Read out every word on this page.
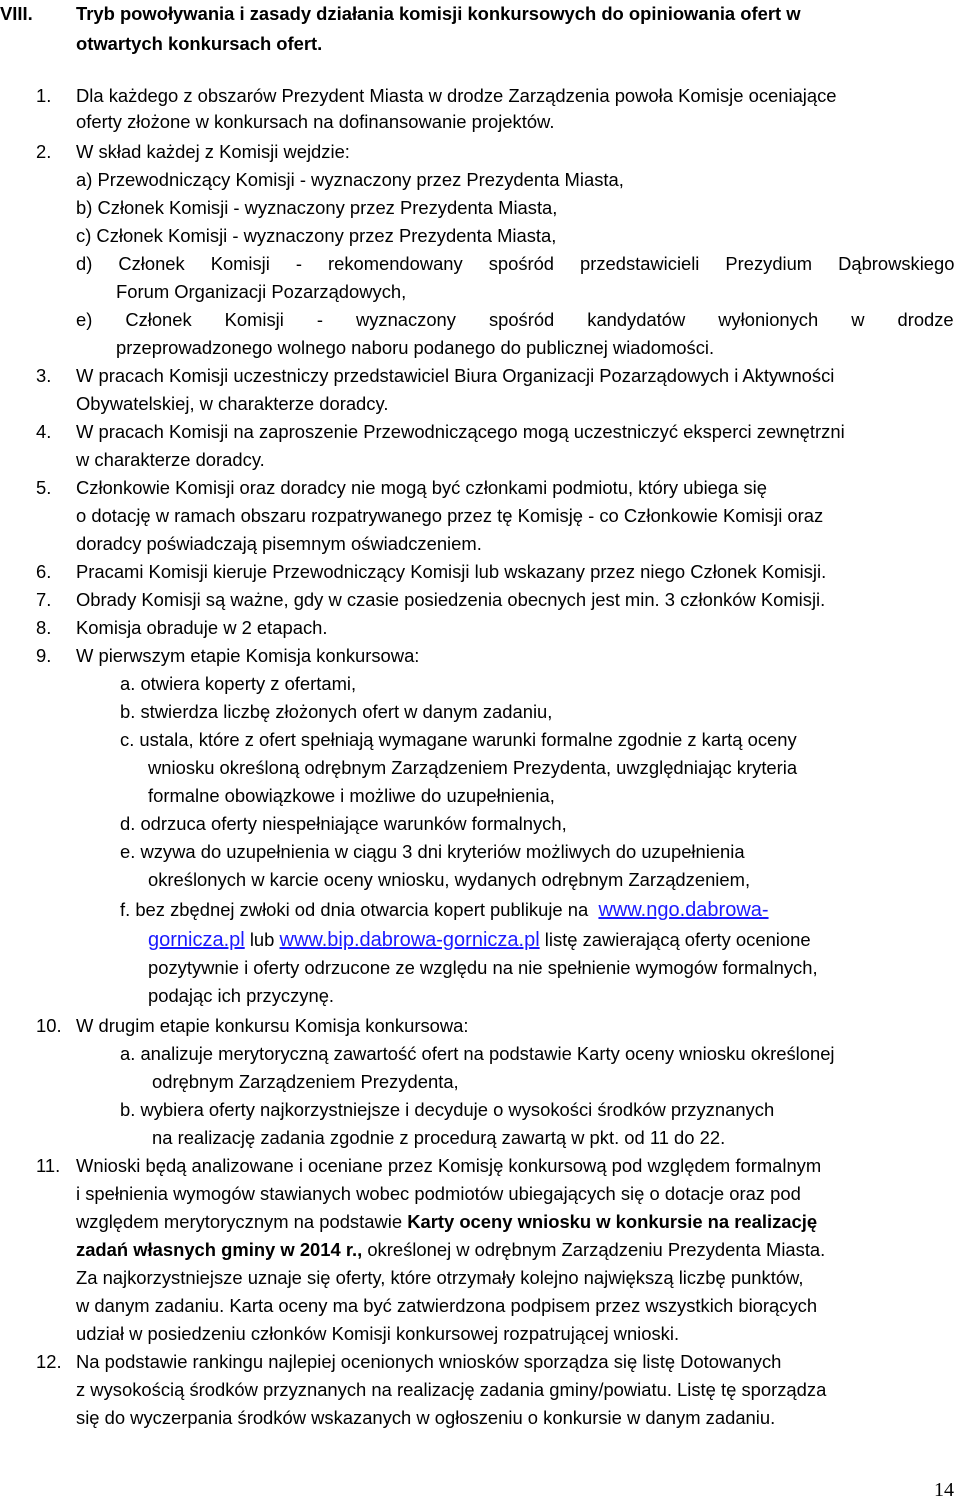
VIII. Tryb powoływania i zasady działania komisji konkursowych do opiniowania ofert w
otwartych konkursach ofert.
1. Dla każdego z obszarów Prezydent Miasta w drodze Zarządzenia powoła Komisje oceniające
oferty złożone w konkursach na dofinansowanie projektów.
2. W skład każdej z Komisji wejdzie:
a) Przewodniczący Komisji - wyznaczony przez Prezydenta Miasta,
b) Członek Komisji - wyznaczony przez Prezydenta Miasta,
c) Członek Komisji - wyznaczony przez Prezydenta Miasta,
d) Członek Komisji - rekomendowany spośród przedstawicieli Prezydium Dąbrowskiego
Forum Organizacji Pozarządowych,
e) Członek Komisji - wyznaczony spośród kandydatów wyłonionych w drodze
przeprowadzonego wolnego naboru podanego do publicznej wiadomości.
3. W pracach Komisji uczestniczy przedstawiciel Biura Organizacji Pozarządowych i Aktywności
Obywatelskiej, w charakterze doradcy.
4. W pracach Komisji na zaproszenie Przewodniczącego mogą uczestniczyć eksperci zewnętrzni
w charakterze doradcy.
5. Członkowie Komisji oraz doradcy nie mogą być członkami podmiotu, który ubiega się
o dotację w ramach obszaru rozpatrywanego przez tę Komisję - co Członkowie Komisji oraz
doradcy poświadczają pisemnym oświadczeniem.
6. Pracami Komisji kieruje Przewodniczący Komisji lub wskazany przez niego Członek Komisji.
7. Obrady Komisji są ważne, gdy w czasie posiedzenia obecnych jest min. 3 członków Komisji.
8. Komisja obraduje w 2 etapach.
9. W pierwszym etapie Komisja konkursowa:
a. otwiera koperty z ofertami,
b. stwierdza liczbę złożonych ofert w danym zadaniu,
c. ustala, które z ofert spełniają wymagane warunki formalne zgodnie z kartą oceny
wniosku określoną odrębnym Zarządzeniem Prezydenta, uwzględniając kryteria
formalne obowiązkowe i możliwe do uzupełnienia,
d. odrzuca oferty niespełniające warunków formalnych,
e. wzywa do uzupełnienia w ciągu 3 dni kryteriów możliwych do uzupełnienia
określonych w karcie oceny wniosku, wydanych odrębnym Zarządzeniem,
f. bez zbędnej zwłoki od dnia otwarcia kopert publikuje na www.ngo.dabrowa-
gornicza.pl lub www.bip.dabrowa-gornicza.pl listę zawierającą oferty ocenione
pozytywnie i oferty odrzucone ze względu na nie spełnienie wymogów formalnych,
podając ich przyczynę.
10. W drugim etapie konkursu Komisja konkursowa:
a. analizuje merytoryczną zawartość ofert na podstawie Karty oceny wniosku określonej
odrębnym Zarządzeniem Prezydenta,
b. wybiera oferty najkorzystniejsze i decyduje o wysokości środków przyznanych
na realizację zadania zgodnie z procedurą zawartą w pkt. od 11 do 22.
11. Wnioski będą analizowane i oceniane przez Komisję konkursową pod względem formalnym
i spełnienia wymogów stawianych wobec podmiotów ubiegających się o dotacje oraz pod
względem merytorycznym na podstawie Karty oceny wniosku w konkursie na realizację
zadań własnych gminy w 2014 r., określonej w odrębnym Zarządzeniu Prezydenta Miasta.
Za najkorzystniejsze uznaje się oferty, które otrzymały kolejno największą liczbę punktów,
w danym zadaniu. Karta oceny ma być zatwierdzona podpisem przez wszystkich biorących
udział w posiedzeniu członków Komisji konkursowej rozpatrującej wnioski.
12. Na podstawie rankingu najlepiej ocenionych wniosków sporządza się listę Dotowanych
z wysokością środków przyznanych na realizację zadania gminy/powiatu. Listę tę sporządza
się do wyczerpania środków wskazanych w ogłoszeniu o konkursie w danym zadaniu.
14
